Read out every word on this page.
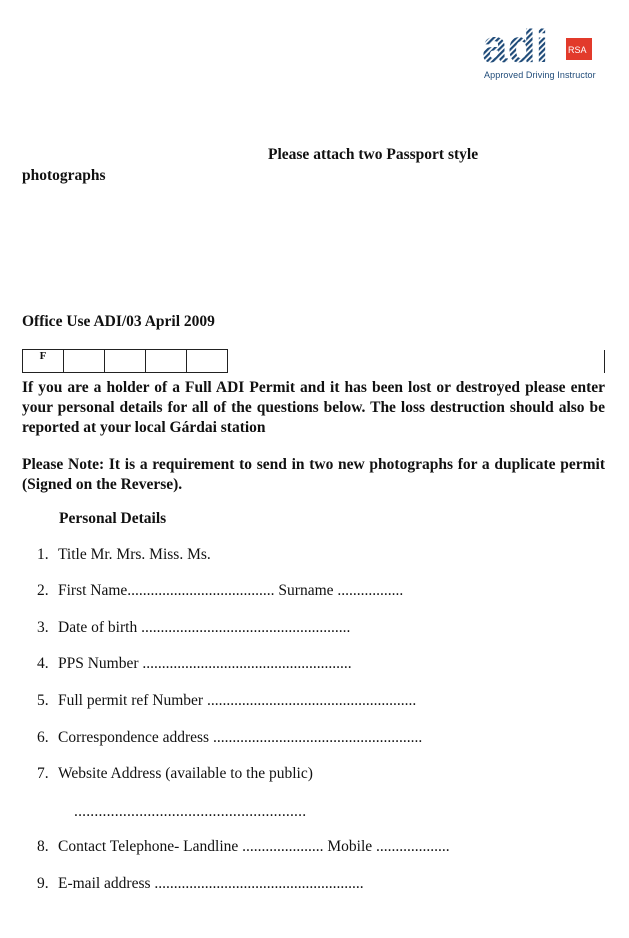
adi RSA
Approved Driving Instructor
Please attach two Passport style
photographs
Office Use ADI/03 April 2009
F				
If you are a holder of a Full ADI Permit and it has been lost or destroyed please enter your personal details for all of the questions below. The loss destruction should also be reported at your local Gárdai station
Please Note: It is a requirement to send in two new photographs for a duplicate permit (Signed on the Reverse).
Personal Details
1. Title Mr. Mrs. Miss. Ms.
2. First Name...................................... Surname .................
3. Date of birth ......................................................
4. PPS Number ......................................................
5. Full permit ref Number ......................................................
6. Correspondence address ......................................................
7. Website Address (available to the public)
.........................................................
8. Contact Telephone- Landline ..................... Mobile ...................
9. E-mail address ......................................................
